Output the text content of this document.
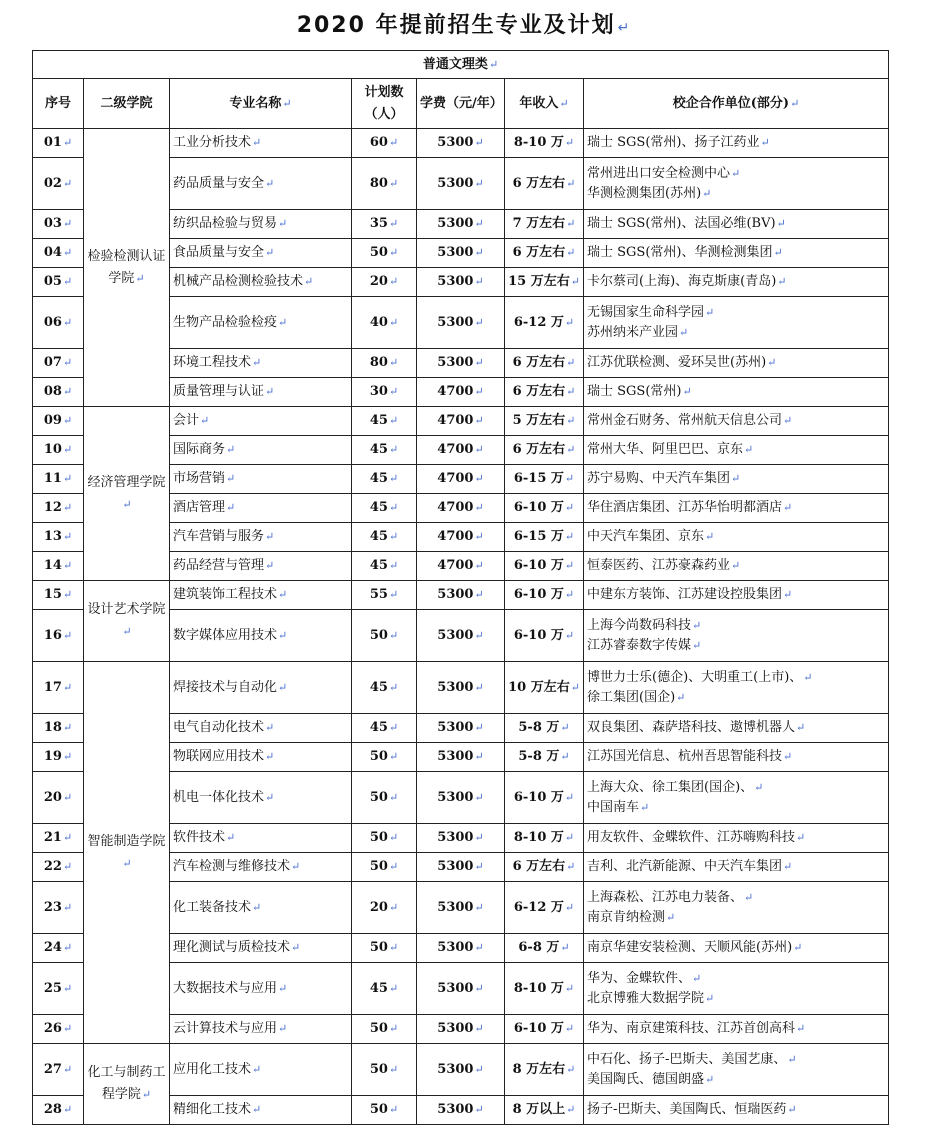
2020 年提前招生专业及计划 ↵
普通文理类↵						
序号	二级学院	专业名称↵	计划数（人）	学费（元/年）	年收入↵	校企合作单位(部分)↵
01↵	检验检测认证学院↵	工业分析技术↵	60↵	5300↵	8-10 万↵	瑞士 SGS(常州)、扬子江药业↵

02↵		药品质量与安全↵	80↵	5300↵	6 万左右↵	常州进出口安全检测中心↵
华测检测集团(苏州)↵

03↵		纺织品检验与贸易↵	35↵	5300↵	7 万左右↵	瑞士 SGS(常州)、法国必维(BV)↵

04↵		食品质量与安全↵	50↵	5300↵	6 万左右↵	瑞士 SGS(常州)、华测检测集团↵

05↵		机械产品检测检验技术↵	20↵	5300↵	15 万左右↵	卡尔蔡司(上海)、海克斯康(青岛)↵

06↵		生物产品检验检疫↵	40↵	5300↵	6-12 万↵	无锡国家生命科学园↵
苏州纳米产业园↵

07↵		环境工程技术↵	80↵	5300↵	6 万左右↵	江苏优联检测、爱环吴世(苏州)↵

08↵		质量管理与认证↵	30↵	4700↵	6 万左右↵	瑞士 SGS(常州)↵

09↵	经济管理学院↵	会计↵	45↵	4700↵	5 万左右↵	常州金石财务、常州航天信息公司↵

10↵		国际商务↵	45↵	4700↵	6 万左右↵	常州大华、阿里巴巴、京东↵

11↵		市场营销↵	45↵	4700↵	6-15 万↵	苏宁易购、中天汽车集团↵

12↵		酒店管理↵	45↵	4700↵	6-10 万↵	华住酒店集团、江苏华怡明都酒店↵

13↵		汽车营销与服务↵	45↵	4700↵	6-15 万↵	中天汽车集团、京东↵

14↵		药品经营与管理↵	45↵	4700↵	6-10 万↵	恒泰医药、江苏豪森药业↵

15↵	设计艺术学院↵	建筑装饰工程技术↵	55↵	5300↵	6-10 万↵	中建东方装饰、江苏建设控股集团↵

16↵		数字媒体应用技术↵	50↵	5300↵	6-10 万↵	上海今尚数码科技↵
江苏睿泰数字传媒↵

17↵	智能制造学院↵	焊接技术与自动化↵	45↵	5300↵	10 万左右↵	博世力士乐(德企)、大明重工(上市)、↵
徐工集团(国企)↵

18↵		电气自动化技术↵	45↵	5300↵	5-8 万↵	双良集团、森萨塔科技、遨博机器人↵

19↵		物联网应用技术↵	50↵	5300↵	5-8 万↵	江苏国光信息、杭州吾思智能科技↵

20↵		机电一体化技术↵	50↵	5300↵	6-10 万↵	上海大众、徐工集团(国企)、↵
中国南车↵

21↵		软件技术↵	50↵	5300↵	8-10 万↵	用友软件、金蝶软件、江苏嗨购科技↵

22↵		汽车检测与维修技术↵	50↵	5300↵	6 万左右↵	吉利、北汽新能源、中天汽车集团↵

23↵		化工装备技术↵	20↵	5300↵	6-12 万↵	上海森松、江苏电力装备、↵
南京肯纳检测↵

24↵		理化测试与质检技术↵	50↵	5300↵	6-8 万↵	南京华建安装检测、天顺风能(苏州)↵

25↵		大数据技术与应用↵	45↵	5300↵	8-10 万↵	华为、金蝶软件、↵
北京博雅大数据学院↵

26↵		云计算技术与应用↵	50↵	5300↵	6-10 万↵	华为、南京建策科技、江苏首创高科↵

27↵	化工与制药工程学院↵	应用化工技术↵	50↵	5300↵	8 万左右↵	中石化、扬子-巴斯夫、美国艺康、↵
美国陶氏、德国朗盛↵

28↵		精细化工技术↵	50↵	5300↵	8 万以上↵	扬子-巴斯夫、美国陶氏、恒瑞医药↵
